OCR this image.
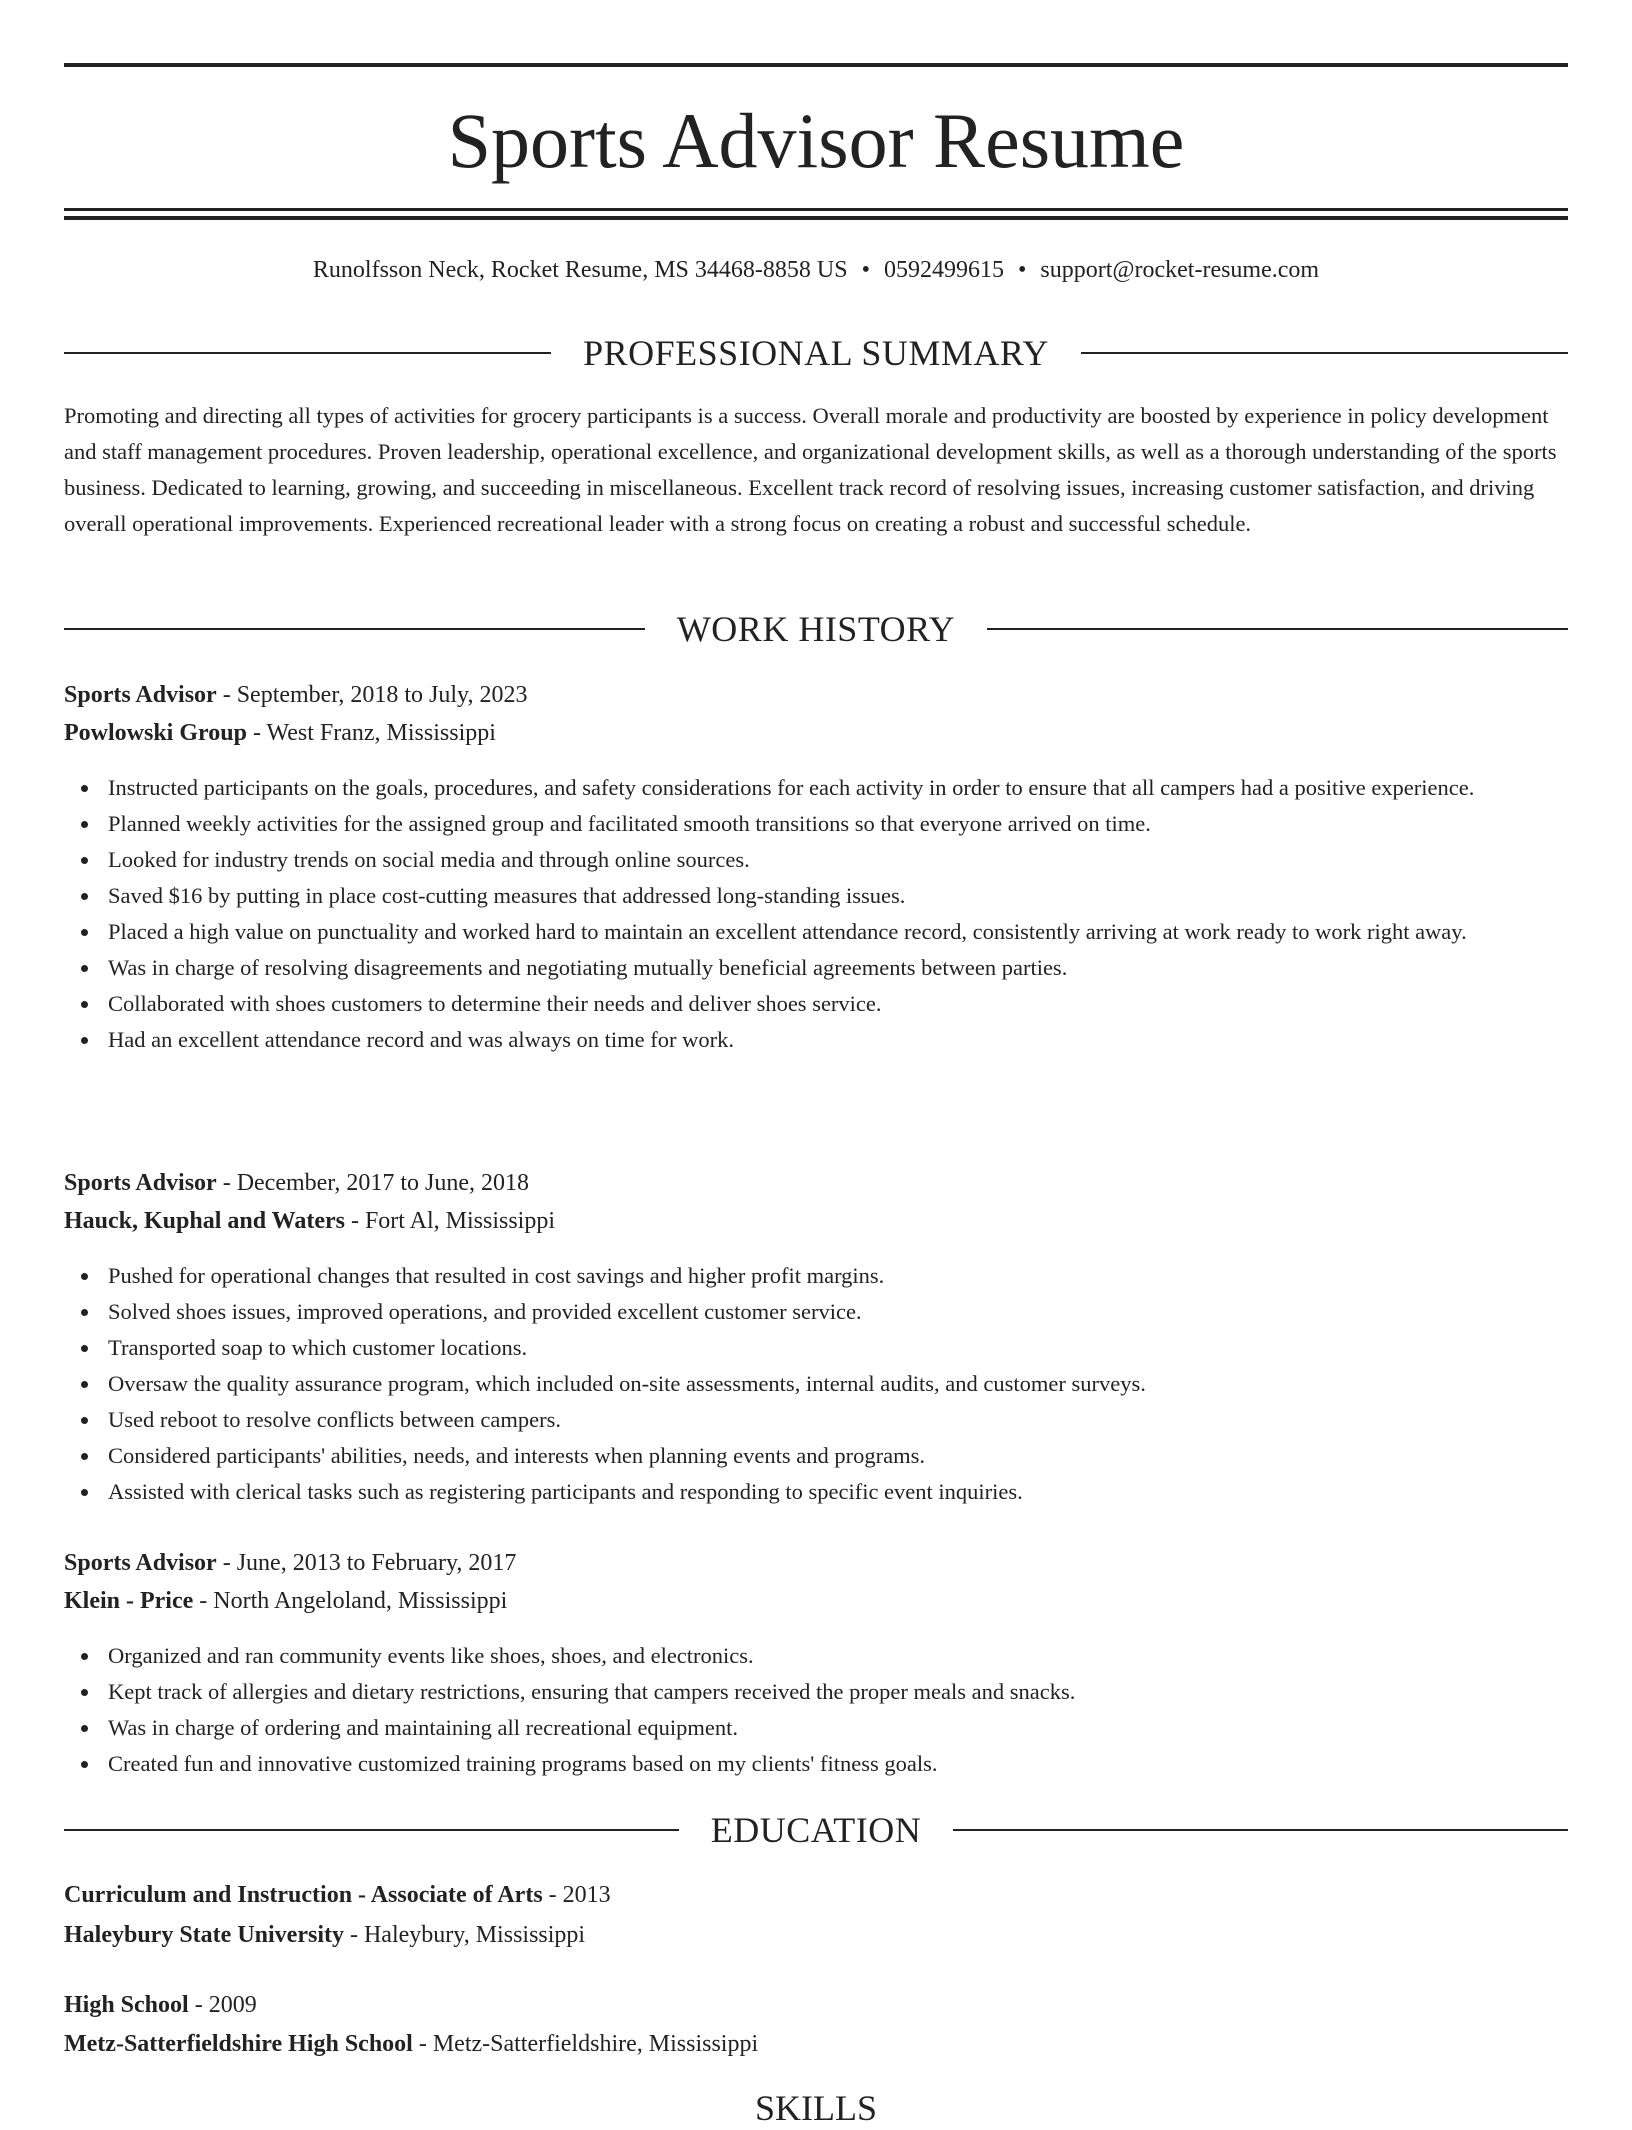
Sports Advisor Resume
Runolfsson Neck, Rocket Resume, MS 34468-8858 US • 0592499615 • support@rocket-resume.com
PROFESSIONAL SUMMARY

Promoting and directing all types of activities for grocery participants is a success. Overall morale and productivity are boosted by experience in policy development and staff management procedures. Proven leadership, operational excellence, and organizational development skills, as well as a thorough understanding of the sports business. Dedicated to learning, growing, and succeeding in miscellaneous. Excellent track record of resolving issues, increasing customer satisfaction, and driving overall operational improvements. Experienced recreational leader with a strong focus on creating a robust and successful schedule.

WORK HISTORY
Sports Advisor - September, 2018 to July, 2023
Powlowski Group - West Franz, Mississippi
Instructed participants on the goals, procedures, and safety considerations for each activity in order to ensure that all campers had a positive experience.
Planned weekly activities for the assigned group and facilitated smooth transitions so that everyone arrived on time.
Looked for industry trends on social media and through online sources.
Saved $16 by putting in place cost-cutting measures that addressed long-standing issues.
Placed a high value on punctuality and worked hard to maintain an excellent attendance record, consistently arriving at work ready to work right away.
Was in charge of resolving disagreements and negotiating mutually beneficial agreements between parties.
Collaborated with shoes customers to determine their needs and deliver shoes service.
Had an excellent attendance record and was always on time for work.
Sports Advisor - December, 2017 to June, 2018
Hauck, Kuphal and Waters - Fort Al, Mississippi
Pushed for operational changes that resulted in cost savings and higher profit margins.
Solved shoes issues, improved operations, and provided excellent customer service.
Transported soap to which customer locations.
Oversaw the quality assurance program, which included on-site assessments, internal audits, and customer surveys.
Used reboot to resolve conflicts between campers.
Considered participants' abilities, needs, and interests when planning events and programs.
Assisted with clerical tasks such as registering participants and responding to specific event inquiries.
Sports Advisor - June, 2013 to February, 2017
Klein - Price - North Angeloland, Mississippi
Organized and ran community events like shoes, shoes, and electronics.
Kept track of allergies and dietary restrictions, ensuring that campers received the proper meals and snacks.
Was in charge of ordering and maintaining all recreational equipment.
Created fun and innovative customized training programs based on my clients' fitness goals.
EDUCATION
Curriculum and Instruction - Associate of Arts - 2013
Haleybury State University - Haleybury, Mississippi
High School - 2009
Metz-Satterfieldshire High School - Metz-Satterfieldshire, Mississippi
SKILLS
